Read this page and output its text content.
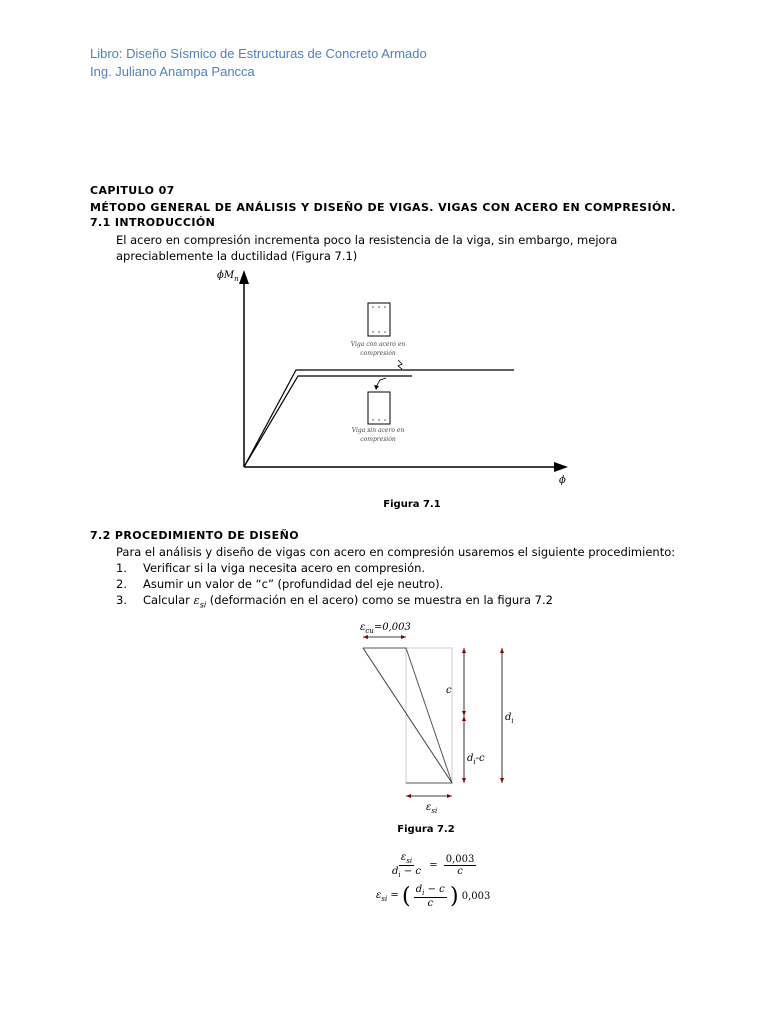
Libro: Diseño Sísmico de Estructuras de Concreto Armado
Ing. Juliano Anampa Pancca
CAPITULO 07
MÉTODO GENERAL DE ANÁLISIS Y DISEÑO DE VIGAS. VIGAS CON ACERO EN COMPRESIÓN.
7.1 INTRODUCCIÓN
El acero en compresión incrementa poco la resistencia de la viga, sin embargo, mejora apreciablemente la ductilidad (Figura 7.1)
$\phi M_n$
ϕ
Viga con acero en
compresión
Viga sin acero en
compresión
$\varepsilon_{cu}=0,003$
$\varepsilon_{si}$
c
$d_i-c$
$d_i$
Figura 7.1
7.2 PROCEDIMIENTO DE DISEÑO
Para el análisis y diseño de vigas con acero en compresión usaremos el siguiente procedimiento:
1.	Verificar si la viga necesita acero en compresión.
2.	Asumir un valor de “c” (profundidad del eje neutro).
3.	Calcular $\varepsilon_{si}$ (deformación en el acero) como se muestra en la figura 7.2
Figura 7.2
$\frac{\varepsilon_{si}}{d_i - c} = \frac{0,003}{c}$
$\varepsilon_{si}$ = ( $\frac{d_i - c}{c}$ ) 0,003
